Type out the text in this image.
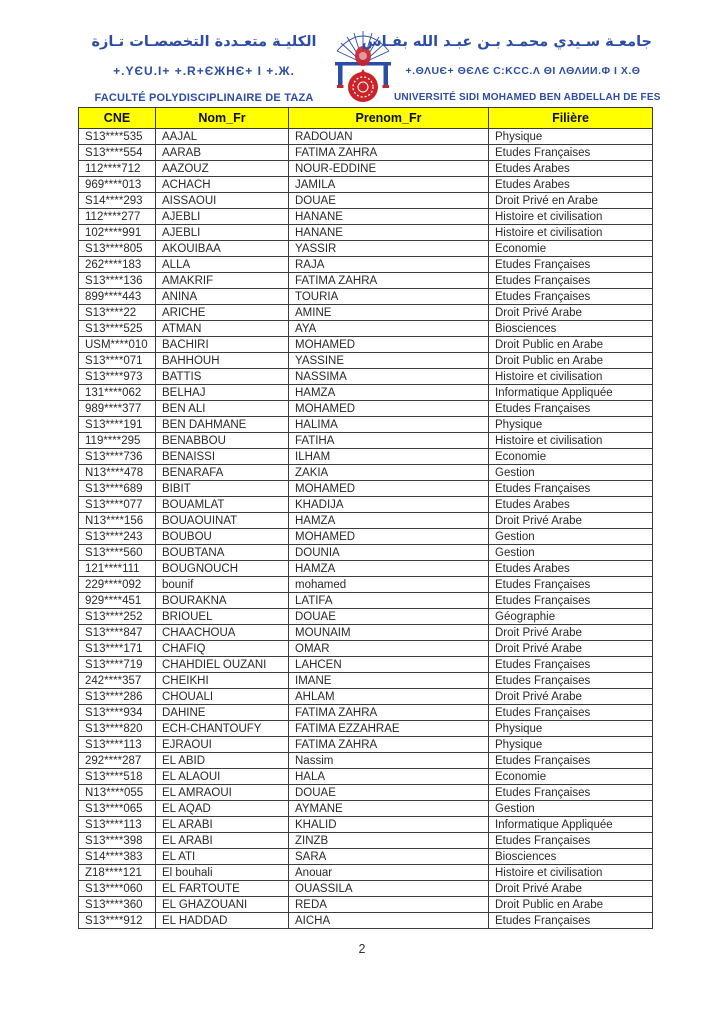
الكليـة متعـددة التخصصـات تـازة
+.YЄU.I+ +.R+ЄЖHЄ+ I +.Ж.
FACULTÉ POLYDISCIPLINAIRE DE TAZA
جامعـة سـيدي محمـد بـن عبـد الله بفـاس
+.ΘΛUЄ+ ΘЄΛЄ C:ΚCC.Λ ΘΙ ΛΘΛИИ.Φ Ι X.Θ
UNIVERSITÉ SIDI MOHAMED BEN ABDELLAH DE FES
CNE	Nom_Fr	Prenom_Fr	Filière
S13****535	AAJAL	RADOUAN	Physique
S13****554	AARAB	FATIMA ZAHRA	Etudes Françaises
112****712	AAZOUZ	NOUR-EDDINE	Etudes Arabes
969****013	ACHACH	JAMILA	Etudes Arabes
S14****293	AISSAOUI	DOUAE	Droit Privé en Arabe
112****277	AJEBLI	HANANE	Histoire et civilisation
102****991	AJEBLI	HANANE	Histoire et civilisation
S13****805	AKOUIBAA	YASSIR	Economie
262****183	ALLA	RAJA	Etudes Françaises
S13****136	AMAKRIF	FATIMA ZAHRA	Etudes Françaises
899****443	ANINA	TOURIA	Etudes Françaises
S13****22	ARICHE	AMINE	Droit Privé Arabe
S13****525	ATMAN	AYA	Biosciences
USM****010	BACHIRI	MOHAMED	Droit Public en Arabe
S13****071	BAHHOUH	YASSINE	Droit Public en Arabe
S13****973	BATTIS	NASSIMA	Histoire et civilisation
131****062	BELHAJ	HAMZA	Informatique Appliquée
989****377	BEN ALI	MOHAMED	Etudes Françaises
S13****191	BEN DAHMANE	HALIMA	Physique
119****295	BENABBOU	FATIHA	Histoire et civilisation
S13****736	BENAISSI	ILHAM	Economie
N13****478	BENARAFA	ZAKIA	Gestion
S13****689	BIBIT	MOHAMED	Etudes Françaises
S13****077	BOUAMLAT	KHADIJA	Etudes Arabes
N13****156	BOUAOUINAT	HAMZA	Droit Privé Arabe
S13****243	BOUBOU	MOHAMED	Gestion
S13****560	BOUBTANA	DOUNIA	Gestion
121****111	BOUGNOUCH	HAMZA	Etudes Arabes
229****092	bounif	mohamed	Etudes Françaises
929****451	BOURAKNA	LATIFA	Etudes Françaises
S13****252	BRIOUEL	DOUAE	Géographie
S13****847	CHAACHOUA	MOUNAIM	Droit Privé Arabe
S13****171	CHAFIQ	OMAR	Droit Privé Arabe
S13****719	CHAHDIEL OUZANI	LAHCEN	Etudes Françaises
242****357	CHEIKHI	IMANE	Etudes Françaises
S13****286	CHOUALI	AHLAM	Droit Privé Arabe
S13****934	DAHINE	FATIMA ZAHRA	Etudes Françaises
S13****820	ECH-CHANTOUFY	FATIMA EZZAHRAE	Physique
S13****113	EJRAOUI	FATIMA ZAHRA	Physique
292****287	EL ABID	Nassim	Etudes Françaises
S13****518	EL ALAOUI	HALA	Economie
N13****055	EL AMRAOUI	DOUAE	Etudes Françaises
S13****065	EL AQAD	AYMANE	Gestion
S13****113	EL ARABI	KHALID	Informatique Appliquée
S13****398	EL ARABI	ZINZB	Etudes Françaises
S14****383	EL ATI	SARA	Biosciences
Z18****121	El bouhali	Anouar	Histoire et civilisation
S13****060	EL FARTOUTE	OUASSILA	Droit Privé Arabe
S13****360	EL GHAZOUANI	REDA	Droit Public en Arabe
S13****912	EL HADDAD	AICHA	Etudes Françaises
2
